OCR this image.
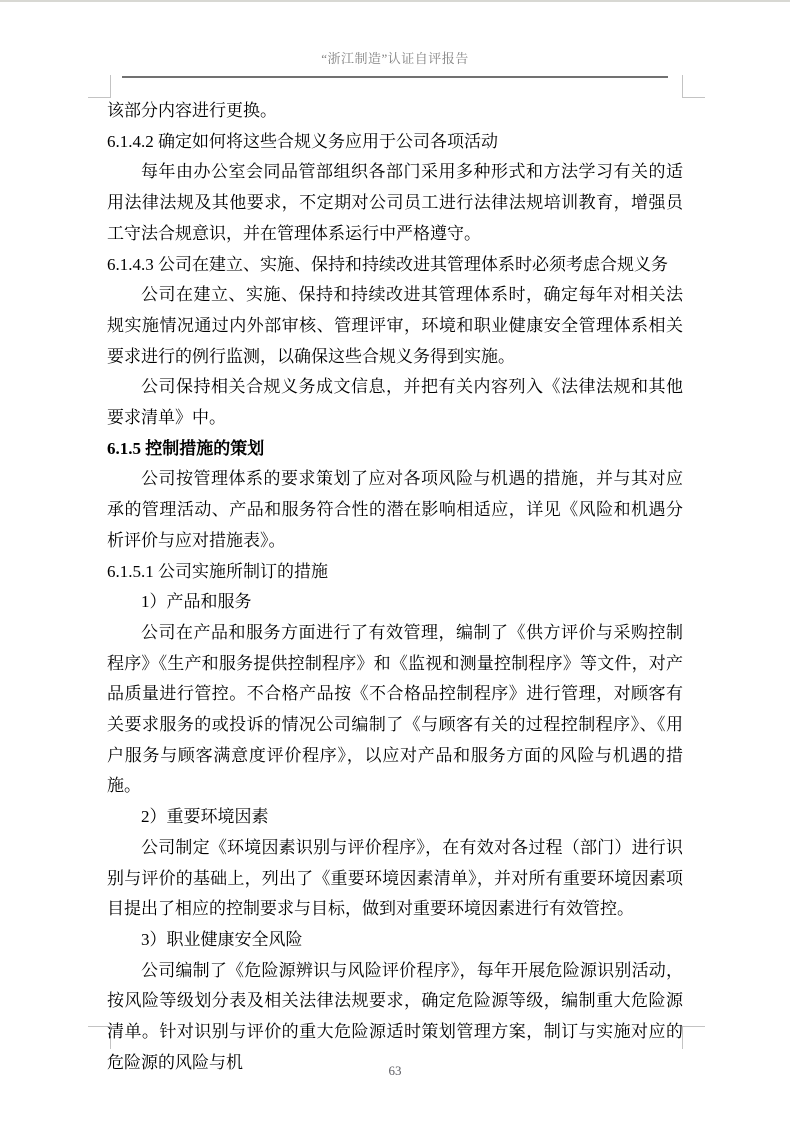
“浙江制造”认证自评报告

该部分内容进行更换。

6.1.4.2 确定如何将这些合规义务应用于公司各项活动

每年由办公室会同品管部组织各部门采用多种形式和方法学习有关的适用法律法规及其他要求，不定期对公司员工进行法律法规培训教育，增强员工守法合规意识，并在管理体系运行中严格遵守。

6.1.4.3 公司在建立、实施、保持和持续改进其管理体系时必须考虑合规义务

公司在建立、实施、保持和持续改进其管理体系时，确定每年对相关法规实施情况通过内外部审核、管理评审，环境和职业健康安全管理体系相关要求进行的例行监测，以确保这些合规义务得到实施。

公司保持相关合规义务成文信息，并把有关内容列入《法律法规和其他要求清单》中。

6.1.5 控制措施的策划

公司按管理体系的要求策划了应对各项风险与机遇的措施，并与其对应承的管理活动、产品和服务符合性的潜在影响相适应，详见《风险和机遇分析评价与应对措施表》。

6.1.5.1 公司实施所制订的措施

1）产品和服务

公司在产品和服务方面进行了有效管理，编制了《供方评价与采购控制程序》《生产和服务提供控制程序》和《监视和测量控制程序》等文件，对产品质量进行管控。不合格产品按《不合格品控制程序》进行管理，对顾客有关要求服务的或投诉的情况公司编制了《与顾客有关的过程控制程序》、《用户服务与顾客满意度评价程序》，以应对产品和服务方面的风险与机遇的措施。

2）重要环境因素

公司制定《环境因素识别与评价程序》，在有效对各过程（部门）进行识别与评价的基础上，列出了《重要环境因素清单》，并对所有重要环境因素项目提出了相应的控制要求与目标，做到对重要环境因素进行有效管控。

3）职业健康安全风险

公司编制了《危险源辨识与风险评价程序》，每年开展危险源识别活动，按风险等级划分表及相关法律法规要求，确定危险源等级，编制重大危险源清单。针对识别与评价的重大危险源适时策划管理方案，制订与实施对应的危险源的风险与机	63
